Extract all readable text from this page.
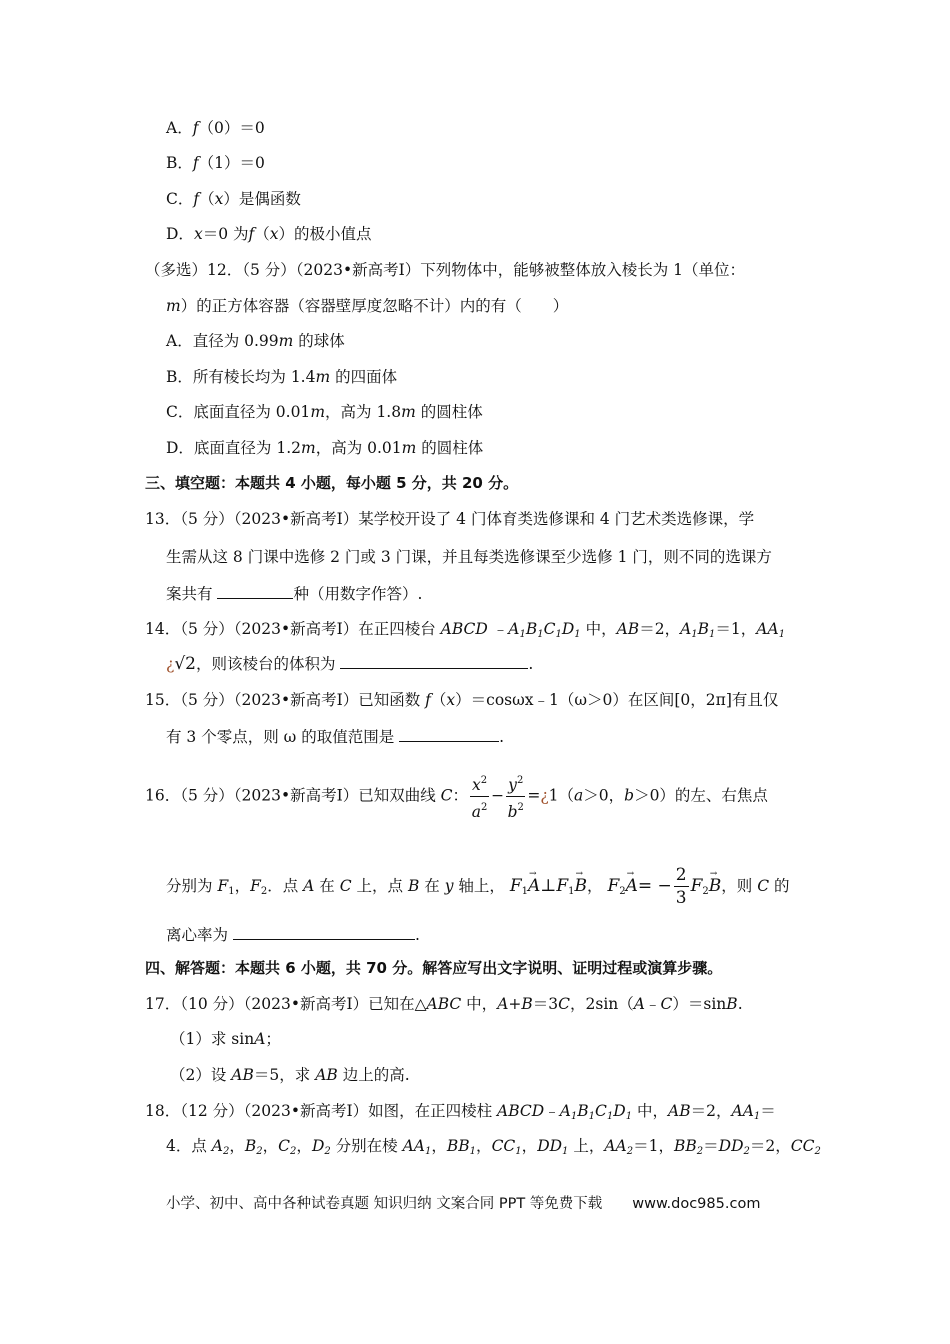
A．f（0）＝0
B．f（1）＝0
C．f（x）是偶函数
D．x＝0 为f（x）的极小值点
（多选）12．（5 分）（2023•新高考Ⅰ）下列物体中，能够被整体放入棱长为 1（单位：
m）的正方体容器（容器壁厚度忽略不计）内的有（　　）
A．直径为 0.99m 的球体
B．所有棱长均为 1.4m 的四面体
C．底面直径为 0.01m，高为 1.8m 的圆柱体
D．底面直径为 1.2m，高为 0.01m 的圆柱体
三、填空题：本题共 4 小题，每小题 5 分，共 20 分。
13．（5 分）（2023•新高考Ⅰ）某学校开设了 4 门体育类选修课和 4 门艺术类选修课，学
生需从这 8 门课中选修 2 门或 3 门课，并且每类选修课至少选修 1 门，则不同的选课方
案共有	种（用数字作答）.
14．（5 分）（2023•新高考Ⅰ）在正四棱台 ABCD $﹣A_1B_1C_1D_1$ 中，AB＝2，$A_1B_1=1$，$AA_1$
¿√2，则该棱台的体积为	.
15．（5 分）（2023•新高考Ⅰ）已知函数 f（x）＝cosωx﹣1（ω＞0）在区间[0，2π]有且仅
有 3 个零点，则 ω 的取值范围是	.
16．（5 分）（2023•新高考Ⅰ）已知双曲线 C： $\frac{x^2}{a^2} - \frac{y^2}{b^2}$ =¿1（a＞0，b＞0）的左、右焦点
分别为 $F_1$，$F_2$．点 A 在 C 上，点 B 在 y 轴上， $F_1\to$ $A\perp F_1\to B$， $F_2\to A= - \frac{2}{3} F_2\to B$，则 C 的
离心率为	.
四、解答题：本题共 6 小题，共 70 分。解答应写出文字说明、证明过程或演算步骤。
17．（10 分）（2023•新高考Ⅰ）已知在△ABC 中，A+B＝3C，2sin（A﹣C）＝sinB.
（1）求 sinA；
（2）设 AB＝5，求 AB 边上的高.
18．（12 分）（2023•新高考Ⅰ）如图，在正四棱柱 $ABCD﹣A_1B_1C_1D_1$ 中，AB＝2，$AA_1=$
4．点 $A_2$，$B_2$，$C_2$，$D_2$ 分别在棱 $AA_1$，$BB_1$，$CC_1$，$DD_1$ 上，$AA_2=1$，$BB_2=DD_2=2$，$CC_2$
小学、初中、高中各种试卷真题 知识归纳 文案合同 PPT 等免费下载 www.doc985.com
